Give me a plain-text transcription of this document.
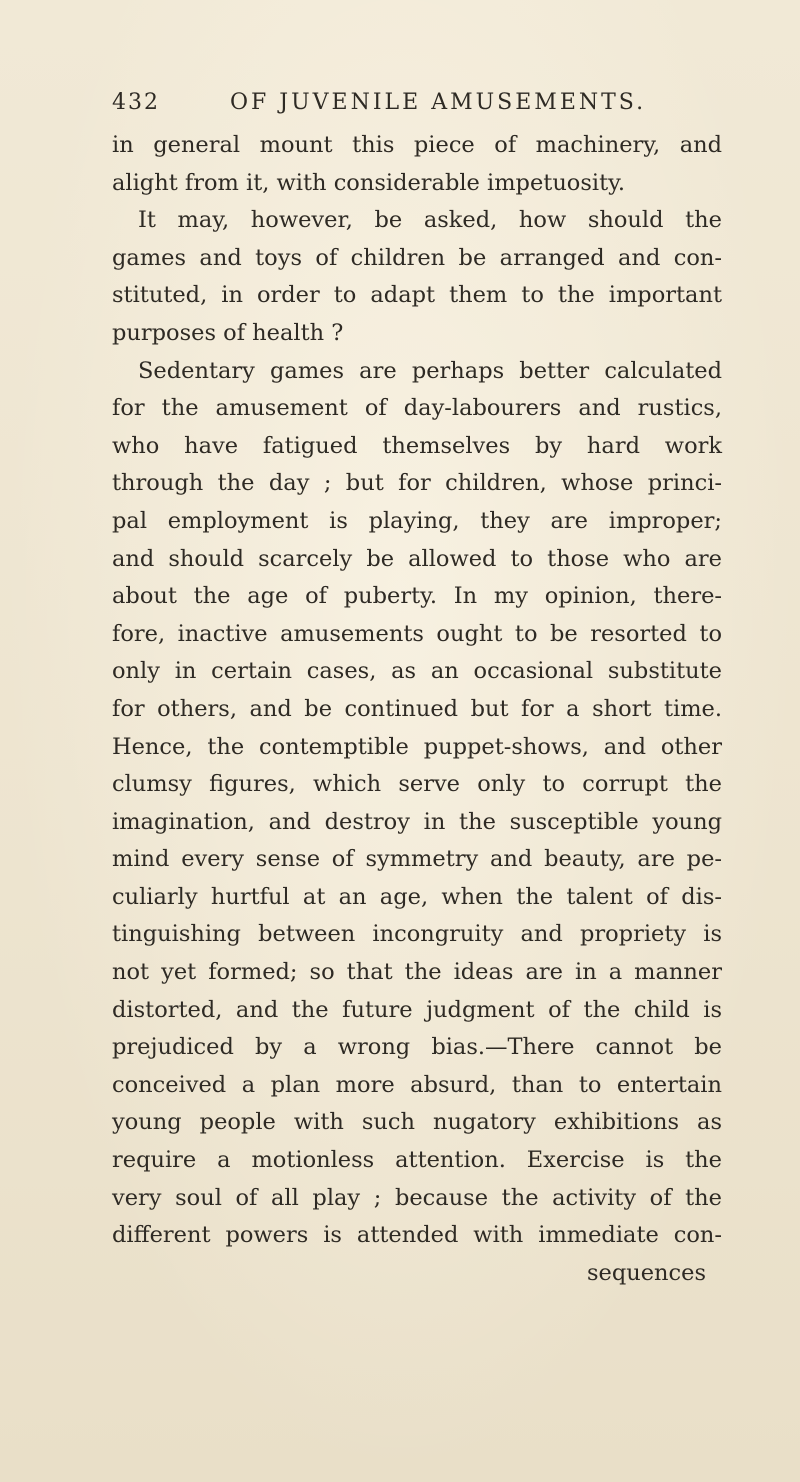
432	OF JUVENILE AMUSEMENTS.
in general mount this piece of machinery, and
alight from it, with considerable impetuosity.
It may, however, be asked, how should the
games and toys of children be arranged and con-
stituted, in order to adapt them to the important
purposes of health ?
Sedentary games are perhaps better calculated
for the amusement of day-labourers and rustics,
who have fatigued themselves by hard work
through the day ; but for children, whose princi-
pal employment is playing, they are improper;
and should scarcely be allowed to those who are
about the age of puberty. In my opinion, there-
fore, inactive amusements ought to be resorted to
only in certain cases, as an occasional substitute
for others, and be continued but for a short time.
Hence, the contemptible puppet-shows, and other
clumsy figures, which serve only to corrupt the
imagination, and destroy in the susceptible young
mind every sense of symmetry and beauty, are pe-
culiarly hurtful at an age, when the talent of dis-
tinguishing between incongruity and propriety is
not yet formed; so that the ideas are in a manner
distorted, and the future judgment of the child is
prejudiced by a wrong bias.—There cannot be
conceived a plan more absurd, than to entertain
young people with such nugatory exhibitions as
require a motionless attention. Exercise is the
very soul of all play ; because the activity of the
different powers is attended with immediate con-
sequences
